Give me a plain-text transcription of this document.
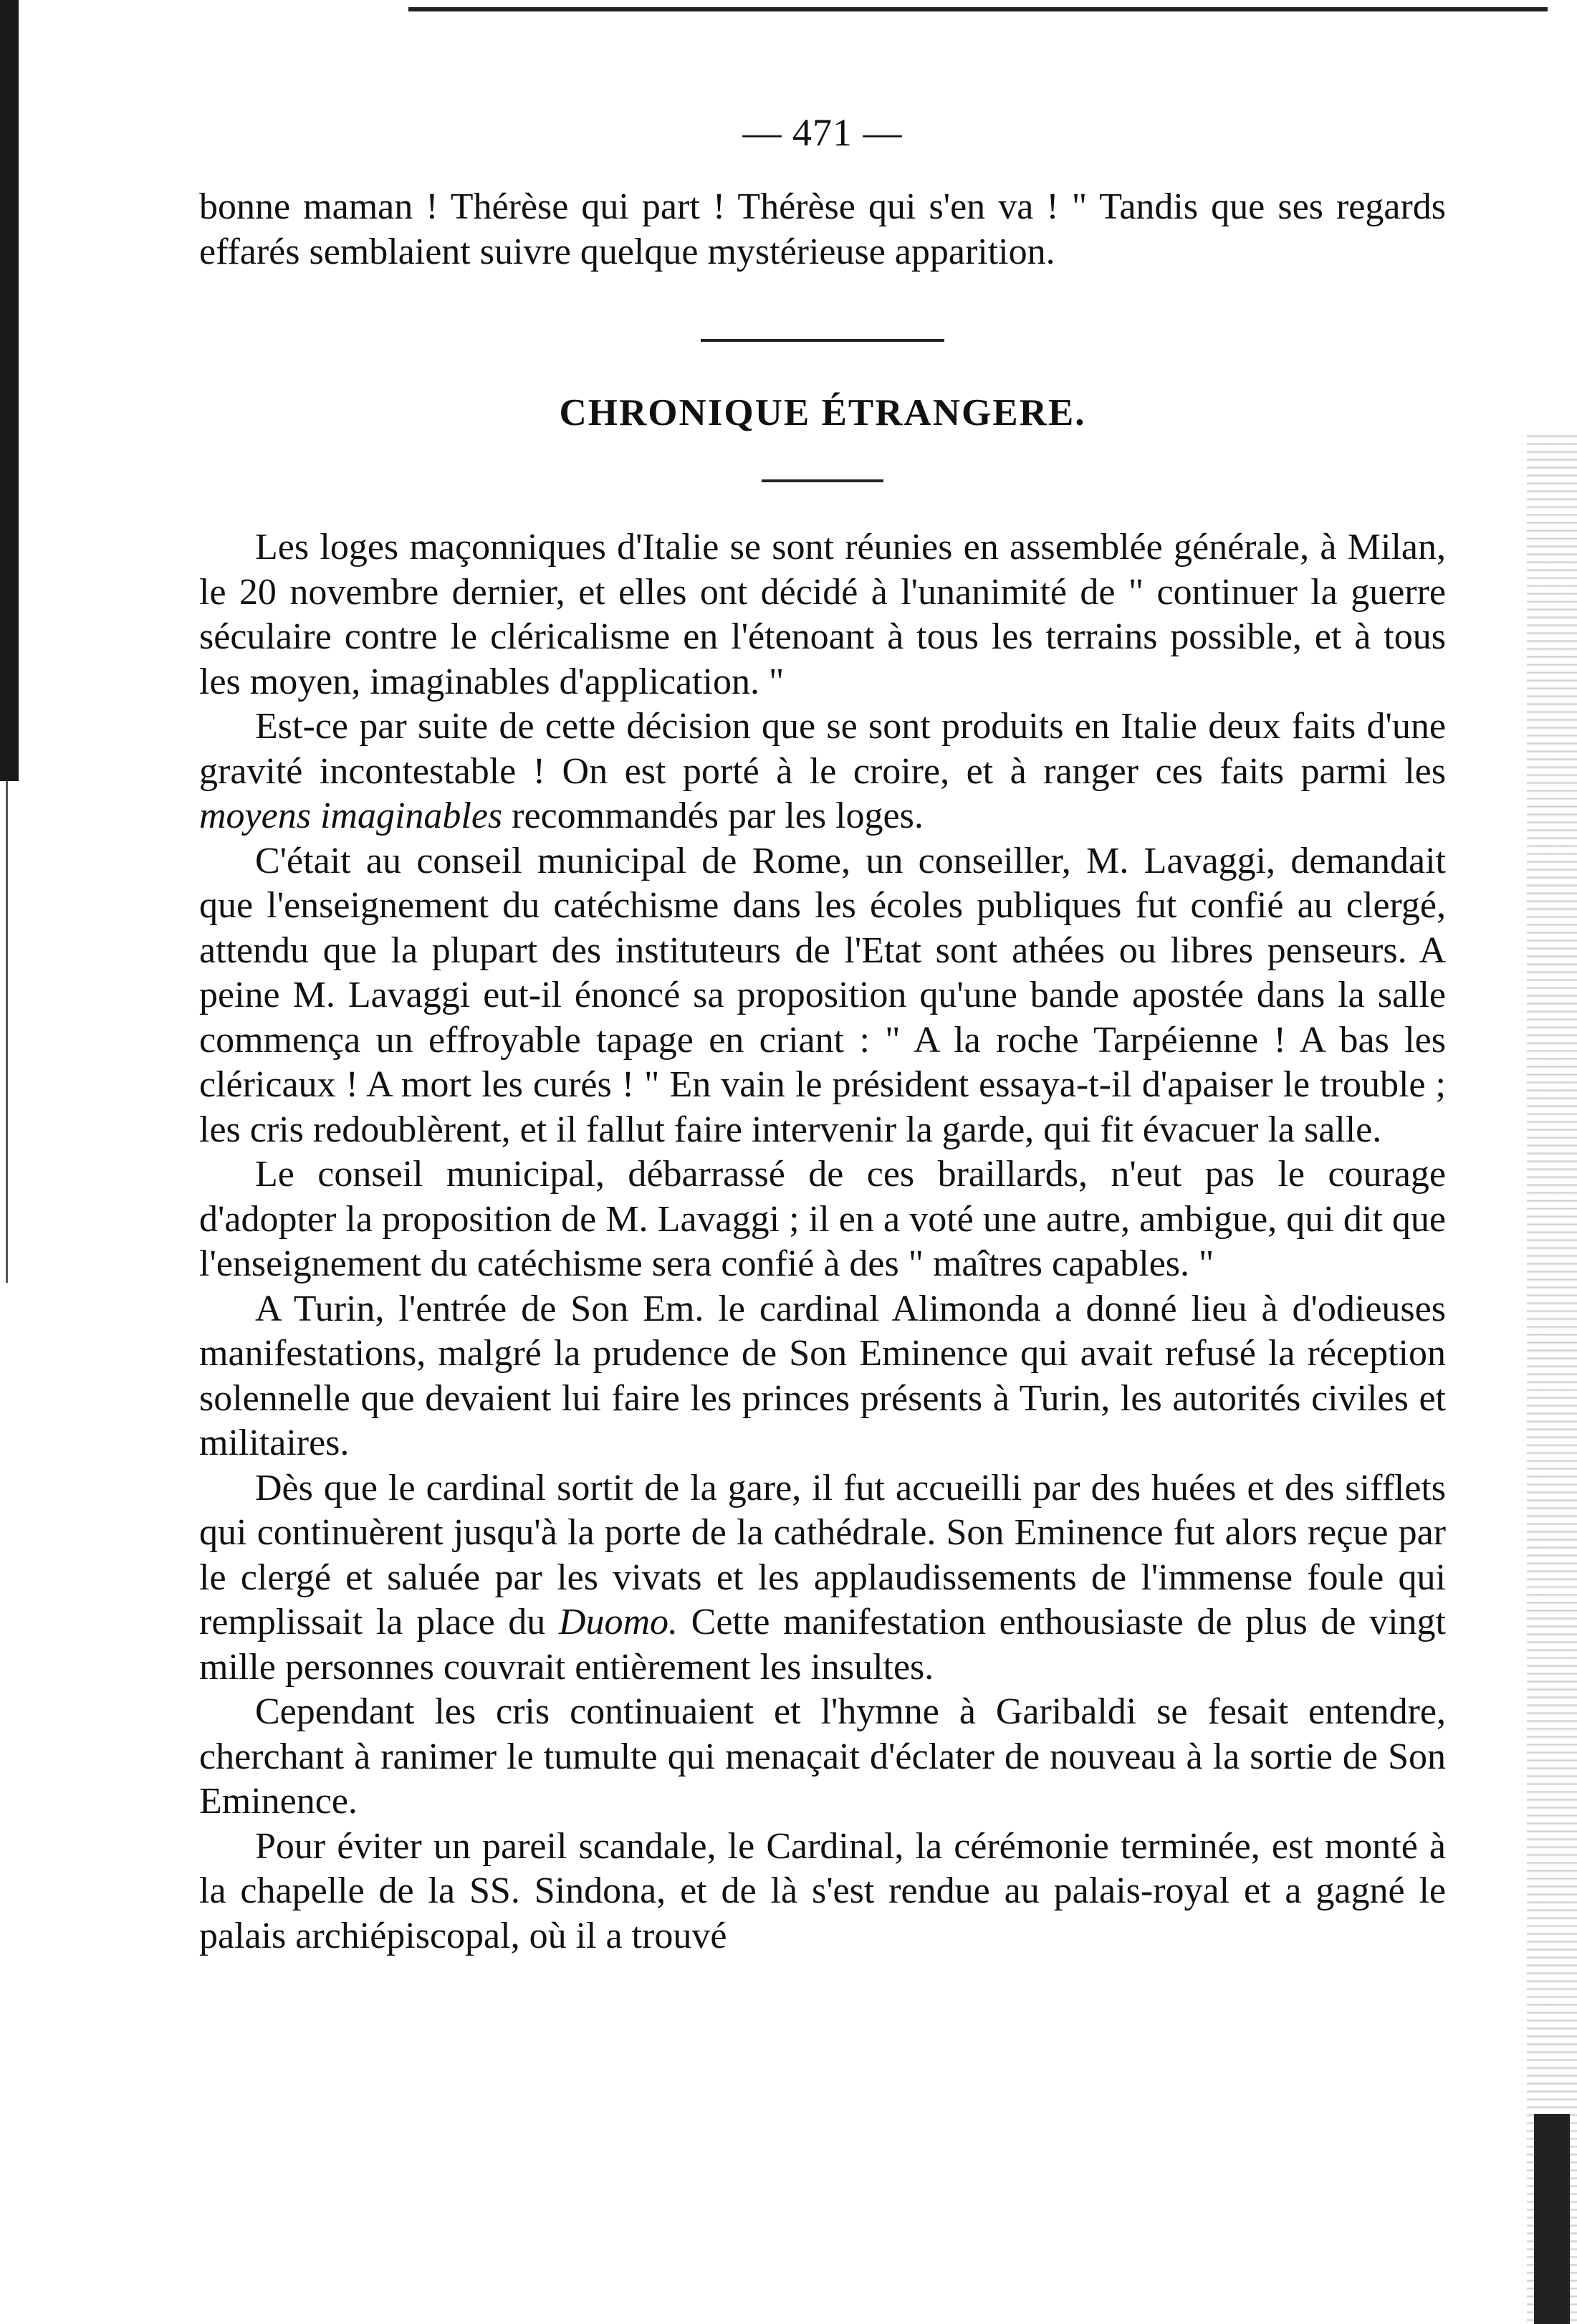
— 471 —

bonne maman ! Thérèse qui part ! Thérèse qui s'en va ! " Tandis que ses regards effarés semblaient suivre quelque mystérieuse apparition.

CHRONIQUE ÉTRANGERE.

Les loges maçonniques d'Italie se sont réunies en assemblée générale, à Milan, le 20 novembre dernier, et elles ont décidé à l'unanimité de " continuer la guerre séculaire contre le cléricalisme en l'étenoant à tous les terrains possible, et à tous les moyen, imaginables d'application. "

Est-ce par suite de cette décision que se sont produits en Italie deux faits d'une gravité incontestable ! On est porté à le croire, et à ranger ces faits parmi les moyens imaginables recommandés par les loges.

C'était au conseil municipal de Rome, un conseiller, M. Lavaggi, demandait que l'enseignement du catéchisme dans les écoles publiques fut confié au clergé, attendu que la plupart des instituteurs de l'Etat sont athées ou libres penseurs. A peine M. Lavaggi eut-il énoncé sa proposition qu'une bande apostée dans la salle commença un effroyable tapage en criant : " A la roche Tarpéienne ! A bas les cléricaux ! A mort les curés ! " En vain le président essaya-t-il d'apaiser le trouble ; les cris redoublèrent, et il fallut faire intervenir la garde, qui fit évacuer la salle.

Le conseil municipal, débarrassé de ces braillards, n'eut pas le courage d'adopter la proposition de M. Lavaggi ; il en a voté une autre, ambigue, qui dit que l'enseignement du catéchisme sera confié à des " maîtres capables. "

A Turin, l'entrée de Son Em. le cardinal Alimonda a donné lieu à d'odieuses manifestations, malgré la prudence de Son Eminence qui avait refusé la réception solennelle que devaient lui faire les princes présents à Turin, les autorités civiles et militaires.

Dès que le cardinal sortit de la gare, il fut accueilli par des huées et des sifflets qui continuèrent jusqu'à la porte de la cathédrale. Son Eminence fut alors reçue par le clergé et saluée par les vivats et les applaudissements de l'immense foule qui remplissait la place du Duomo. Cette manifestation enthousiaste de plus de vingt mille personnes couvrait entièrement les insultes.

Cependant les cris continuaient et l'hymne à Garibaldi se fesait entendre, cherchant à ranimer le tumulte qui menaçait d'éclater de nouveau à la sortie de Son Eminence.

Pour éviter un pareil scandale, le Cardinal, la cérémonie terminée, est monté à la chapelle de la SS. Sindona, et de là s'est rendue au palais-royal et a gagné le palais archiépiscopal, où il a trouvé
